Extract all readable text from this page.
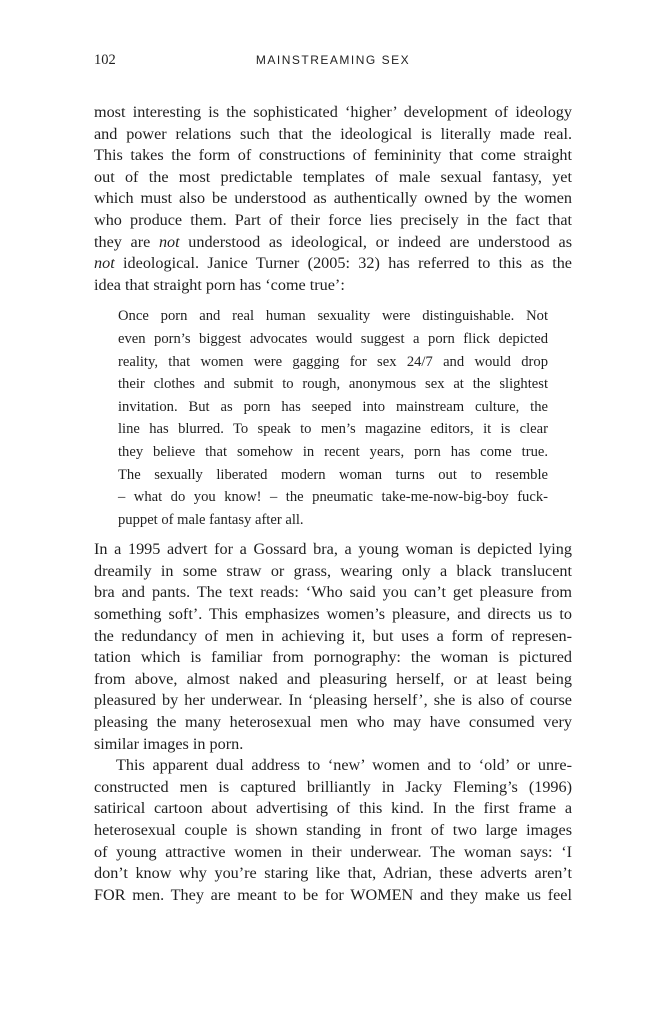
102	MAINSTREAMING SEX
most interesting is the sophisticated ‘higher’ development of ideology
and power relations such that the ideological is literally made real.
This takes the form of constructions of femininity that come straight
out of the most predictable templates of male sexual fantasy, yet
which must also be understood as authentically owned by the women
who produce them. Part of their force lies precisely in the fact that
they are not understood as ideological, or indeed are understood as
not ideological. Janice Turner (2005: 32) has referred to this as the
idea that straight porn has ‘come true’:
Once porn and real human sexuality were distinguishable. Not
even porn’s biggest advocates would suggest a porn flick depicted
reality, that women were gagging for sex 24/7 and would drop
their clothes and submit to rough, anonymous sex at the slightest
invitation. But as porn has seeped into mainstream culture, the
line has blurred. To speak to men’s magazine editors, it is clear
they believe that somehow in recent years, porn has come true.
The sexually liberated modern woman turns out to resemble
– what do you know! – the pneumatic take-me-now-big-boy fuck-
puppet of male fantasy after all.
In a 1995 advert for a Gossard bra, a young woman is depicted lying
dreamily in some straw or grass, wearing only a black translucent
bra and pants. The text reads: ‘Who said you can’t get pleasure from
something soft’. This emphasizes women’s pleasure, and directs us to
the redundancy of men in achieving it, but uses a form of represen-
tation which is familiar from pornography: the woman is pictured
from above, almost naked and pleasuring herself, or at least being
pleasured by her underwear. In ‘pleasing herself’, she is also of course
pleasing the many heterosexual men who may have consumed very
similar images in porn.
This apparent dual address to ‘new’ women and to ‘old’ or unre-
constructed men is captured brilliantly in Jacky Fleming’s (1996)
satirical cartoon about advertising of this kind. In the first frame a
heterosexual couple is shown standing in front of two large images
of young attractive women in their underwear. The woman says: ‘I
don’t know why you’re staring like that, Adrian, these adverts aren’t
FOR men. They are meant to be for WOMEN and they make us feel
